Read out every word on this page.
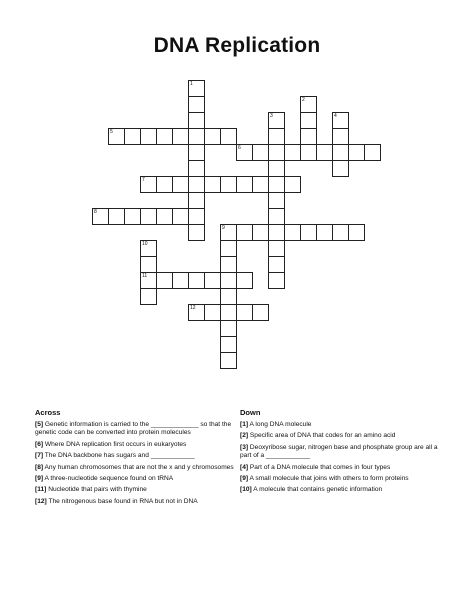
DNA Replication
1
2
3	4
5
6
7
8
9
10
11
12
Across	Down
[5] Genetic information is carried to the _____________ so that the genetic code can be converted into protein molecules
[6] Where DNA replication first occurs in eukaryotes
[7] The DNA backbone has sugars and ____________
[8] Any human chromosomes that are not the x and y chromosomes
[9] A three-nucleotide sequence found on tRNA
[11] Nucleotide that pairs with thymine
[12] The nitrogenous base found in RNA but not in DNA
[1] A long DNA molecule
[2] Specific area of DNA that codes for an amino acid
[3] Deoxyribose sugar, nitrogen base and phosphate group are all a part of a ____________
[4] Part of a DNA molecule that comes in four types
[9] A small molecule that joins with others to form proteins
[10] A molecule that contains genetic information
